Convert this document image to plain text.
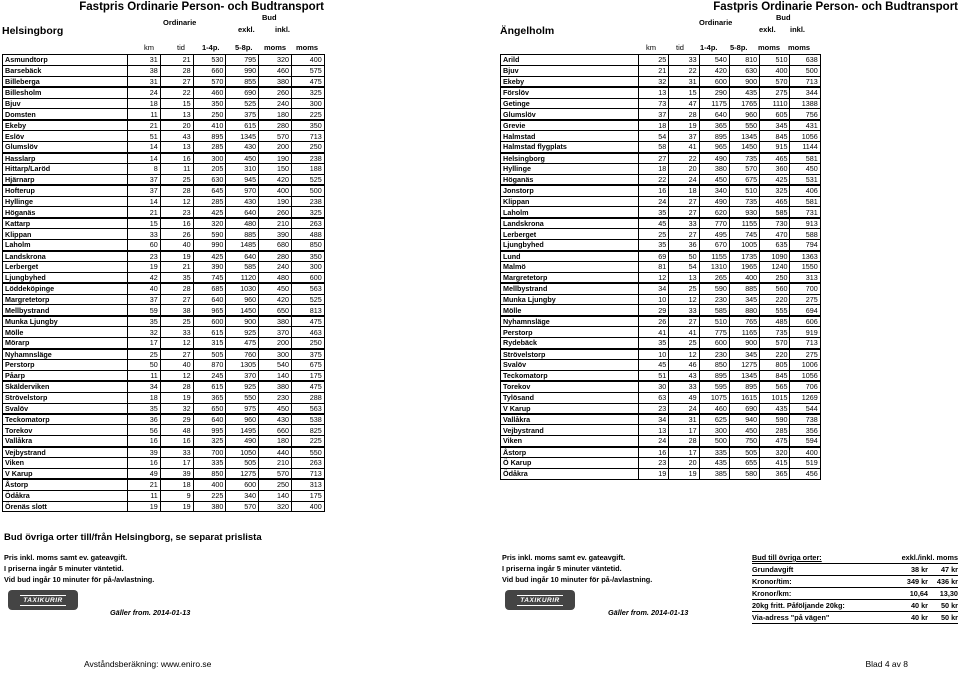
Fastpris Ordinarie Person- och Budtransport
Helsingborg
Ordinarie
Bud
exkl.	inkl.
km	tid 1-4p. 5-8p. moms moms
Asmundtorp	31	21	530	795	320	400
Barsebäck	38	28	660	990	460	575
Billeberga	31	27	570	855	380	475
Billesholm	24	22	460	690	260	325
Bjuv	18	15	350	525	240	300
Domsten	11	13	250	375	180	225
Ekeby	21	20	410	615	280	350
Eslöv	51	43	895	1345	570	713
Glumslöv	14	13	285	430	200	250
Hasslarp	14	16	300	450	190	238
Hittarp/Laröd	8	11	205	310	150	188
Hjärnarp	37	25	630	945	420	525
Hofterup	37	28	645	970	400	500
Hyllinge	14	12	285	430	190	238
Höganäs	21	23	425	640	260	325
Kattarp	15	16	320	480	210	263
Klippan	33	26	590	885	390	488
Laholm	60	40	990	1485	680	850
Landskrona	23	19	425	640	280	350
Lerberget	19	21	390	585	240	300
Ljungbyhed	42	35	745	1120	480	600
Löddeköpinge	40	28	685	1030	450	563
Margretetorp	37	27	640	960	420	525
Mellbystrand	59	38	965	1450	650	813
Munka Ljungby	35	25	600	900	380	475
Mölle	32	33	615	925	370	463
Mörarp	17	12	315	475	200	250
Nyhamnsläge	25	27	505	760	300	375
Perstorp	50	40	870	1305	540	675
Påarp	11	12	245	370	140	175
Skälderviken	34	28	615	925	380	475
Strövelstorp	18	19	365	550	230	288
Svalöv	35	32	650	975	450	563
Teckomatorp	36	29	640	960	430	538
Torekov	56	48	995	1495	660	825
Vallåkra	16	16	325	490	180	225
Vejbystrand	39	33	700	1050	440	550
Viken	16	17	335	505	210	263
V Karup	49	39	850	1275	570	713
Åstorp	21	18	400	600	250	313
Ödåkra	11	9	225	340	140	175
Örenäs slott	19	19	380	570	320	400
Fastpris Ordinarie Person- och Budtransport
Ängelholm
Ordinarie
Bud
exkl. inkl.
km	tid 1-4p. 5-8p. moms moms
Arild	25	33	540	810	510	638
Bjuv	21	22	420	630	400	500
Ekeby	32	31	600	900	570	713
Förslöv	13	15	290	435	275	344
Getinge	73	47	1175	1765	1110	1388
Glumslöv	37	28	640	960	605	756
Grevie	18	19	365	550	345	431
Halmstad	54	37	895	1345	845	1056
Halmstad flygplats	58	41	965	1450	915	1144
Helsingborg	27	22	490	735	465	581
Hyllinge	18	20	380	570	360	450
Höganäs	22	24	450	675	425	531
Jonstorp	16	18	340	510	325	406
Klippan	24	27	490	735	465	581
Laholm	35	27	620	930	585	731
Landskrona	45	33	770	1155	730	913
Lerberget	25	27	495	745	470	588
Ljungbyhed	35	36	670	1005	635	794
Lund	69	50	1155	1735	1090	1363
Malmö	81	54	1310	1965	1240	1550
Margretetorp	12	13	265	400	250	313
Mellbystrand	34	25	590	885	560	700
Munka Ljungby	10	12	230	345	220	275
Mölle	29	33	585	880	555	694
Nyhamnsläge	26	27	510	765	485	606
Perstorp	41	41	775	1165	735	919
Rydebäck	35	25	600	900	570	713
Strövelstorp	10	12	230	345	220	275
Svalöv	45	46	850	1275	805	1006
Teckomatorp	51	43	895	1345	845	1056
Torekov	30	33	595	895	565	706
Tylösand	63	49	1075	1615	1015	1269
V Karup	23	24	460	690	435	544
Vallåkra	34	31	625	940	590	738
Vejbystrand	13	17	300	450	285	356
Viken	24	28	500	750	475	594
Åstorp	16	17	335	505	320	400
Ö Karup	23	20	435	655	415	519
Ödåkra	19	19	385	580	365	456
Bud övriga orter till/från Helsingborg, se separat prislista
Pris inkl. moms samt ev. gateavgift.
I priserna ingår 5 minuter väntetid.
Vid bud ingår 10 minuter för på-/avlastning.
TAXIKURIR
Gäller from. 2014-01-13
Pris inkl. moms samt ev. gateavgift.
I priserna ingår 5 minuter väntetid.
Vid bud ingår 10 minuter för på-/avlastning.
TAXIKURIR
Gäller from. 2014-01-13
Bud till övriga orter:	exkl./inkl. moms
Grundavgift	38 kr	47 kr
Kronor/tim:	349 kr	436 kr
Kronor/km:	10,64	13,30
20kg fritt. Påföljande 20kg:	40 kr	50 kr
Via-adress "på vägen"	40 kr	50 kr
Avståndsberäkning: www.eniro.se	Blad 4 av 8
